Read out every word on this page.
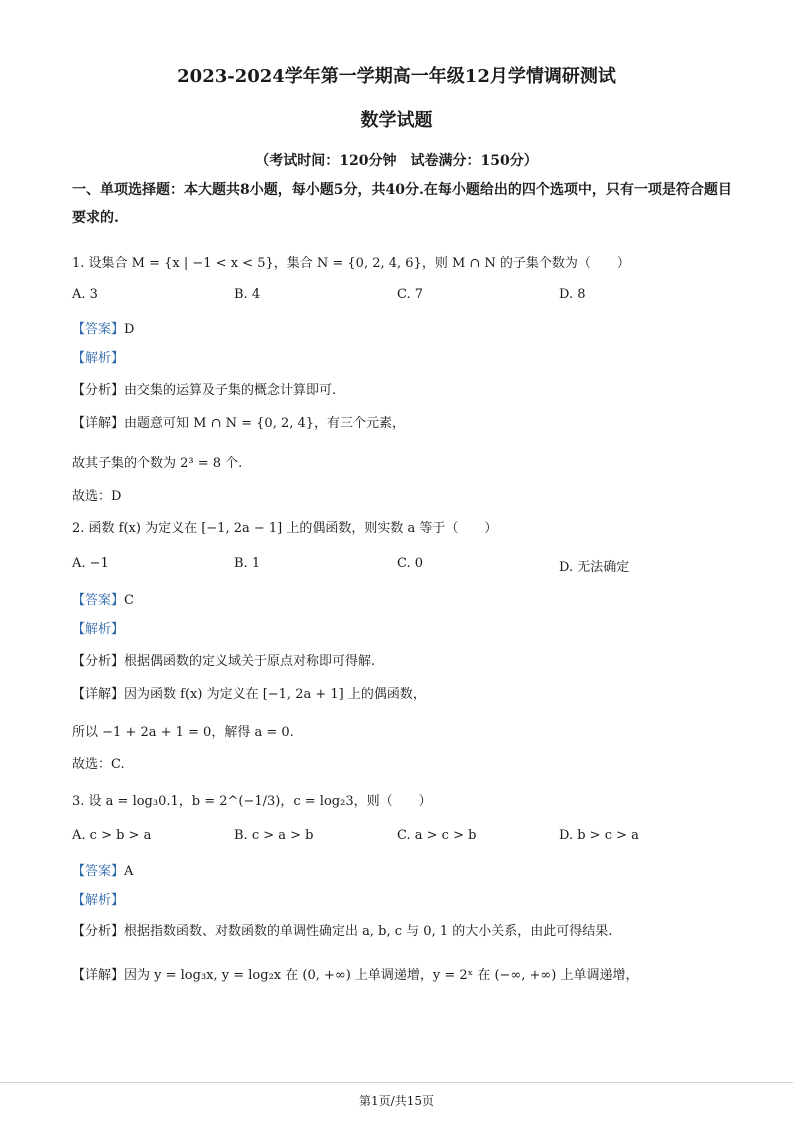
2023-2024学年第一学期高一年级12月学情调研测试
数学试题
（考试时间：120分钟　试卷满分：150分）
一、单项选择题：本大题共8小题，每小题5分，共40分.在每小题给出的四个选项中，只有一项是符合题目要求的.
1. 设集合 M = {x | −1 < x < 5}，集合 N = {0, 2, 4, 6}，则 M ∩ N 的子集个数为（　　）
A. 3	B. 4	C. 7	D. 8
【答案】D
【解析】
【分析】由交集的运算及子集的概念计算即可.
【详解】由题意可知 M ∩ N = {0, 2, 4}，有三个元素，
故其子集的个数为 2³ = 8 个.
故选：D
2. 函数 f(x) 为定义在 [−1, 2a − 1] 上的偶函数，则实数 a 等于（　　）
A. −1	B. 1	C. 0	D. 无法确定
【答案】C
【解析】
【分析】根据偶函数的定义域关于原点对称即可得解.
【详解】因为函数 f(x) 为定义在 [−1, 2a + 1] 上的偶函数，
所以 −1 + 2a + 1 = 0，解得 a = 0.
故选：C.
3. 设 a = log₃0.1，b = 2^(−1/3)，c = log₂3，则（　　）
A. c > b > a	B. c > a > b	C. a > c > b	D. b > c > a
【答案】A
【解析】
【分析】根据指数函数、对数函数的单调性确定出 a, b, c 与 0, 1 的大小关系，由此可得结果.
【详解】因为 y = log₃x, y = log₂x 在 (0, +∞) 上单调递增，y = 2ˣ 在 (−∞, +∞) 上单调递增，
第1页/共15页
